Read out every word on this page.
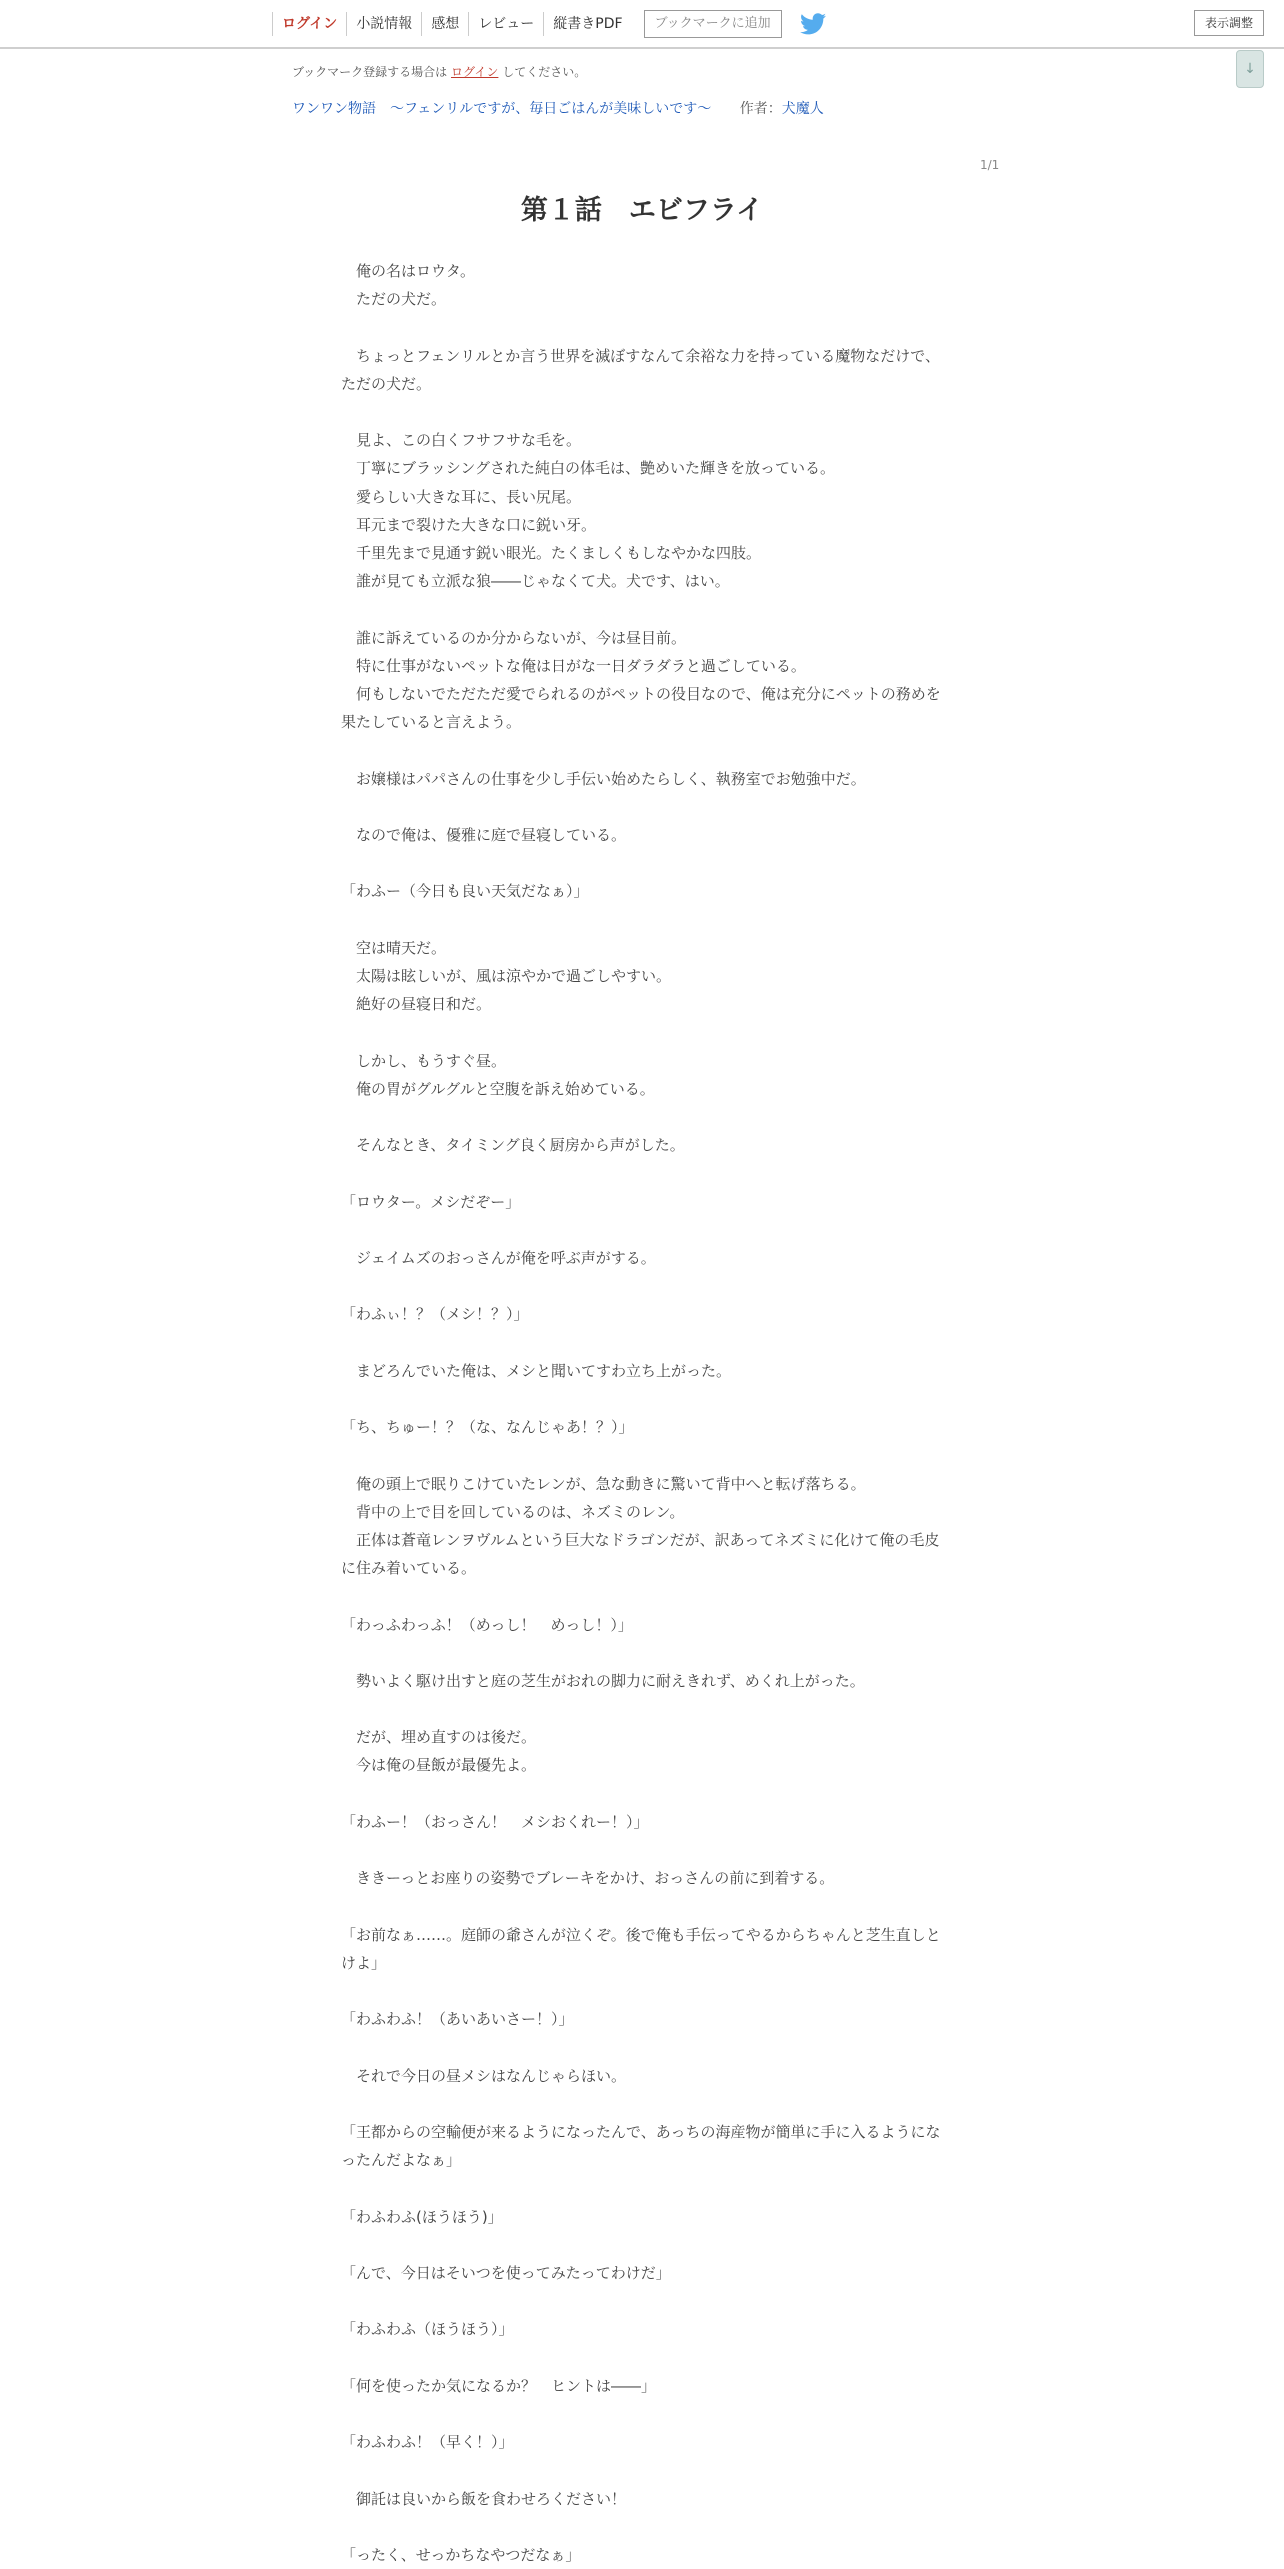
ログイン	小説情報	感想	レビュー	縦書きPDF	ブックマークに追加	表示調整
↓
ブックマーク登録する場合は ログイン してください。
ワンワン物語　～フェンリルですが、毎日ごはんが美味しいです～ 作者：犬魔人
1/1
第１話　エビフライ

　俺の名はロウタ。

　ただの犬だ。

　ちょっとフェンリルとか言う世界を滅ぼすなんて余裕な力を持っている魔物なだけで、ただの犬だ。

　見よ、この白くフサフサな毛を。

　丁寧にブラッシングされた純白の体毛は、艶めいた輝きを放っている。

　愛らしい大きな耳に、長い尻尾。

　耳元まで裂けた大きな口に鋭い牙。

　千里先まで見通す鋭い眼光。たくましくもしなやかな四肢。

　誰が見ても立派な狼――じゃなくて犬。犬です、はい。

　誰に訴えているのか分からないが、今は昼目前。

　特に仕事がないペットな俺は日がな一日ダラダラと過ごしている。

　何もしないでただただ愛でられるのがペットの役目なので、俺は充分にペットの務めを果たしていると言えよう。

　お嬢様はパパさんの仕事を少し手伝い始めたらしく、執務室でお勉強中だ。

　なので俺は、優雅に庭で昼寝している。

「わふー（今日も良い天気だなぁ）」

　空は晴天だ。

　太陽は眩しいが、風は涼やかで過ごしやすい。

　絶好の昼寝日和だ。

　しかし、もうすぐ昼。

　俺の胃がグルグルと空腹を訴え始めている。

　そんなとき、タイミング良く厨房から声がした。

「ロウター。メシだぞー」

　ジェイムズのおっさんが俺を呼ぶ声がする。

「わふぃ！？（メシ！？）」

　まどろんでいた俺は、メシと聞いてすわ立ち上がった。

「ち、ちゅー！？（な、なんじゃあ！？）」

　俺の頭上で眠りこけていたレンが、急な動きに驚いて背中へと転げ落ちる。

　背中の上で目を回しているのは、ネズミのレン。

　正体は蒼竜レンヲヴルムという巨大なドラゴンだが、訳あってネズミに化けて俺の毛皮に住み着いている。

「わっふわっふ！（めっし！　めっし！）」

　勢いよく駆け出すと庭の芝生がおれの脚力に耐えきれず、めくれ上がった。

　だが、埋め直すのは後だ。

　今は俺の昼飯が最優先よ。

「わふー！（おっさん！　メシおくれー！）」

　ききーっとお座りの姿勢でブレーキをかけ、おっさんの前に到着する。

「お前なぁ……。庭師の爺さんが泣くぞ。後で俺も手伝ってやるからちゃんと芝生直しとけよ」

「わふわふ！（あいあいさー！）」

　それで今日の昼メシはなんじゃらほい。

「王都からの空輸便が来るようになったんで、あっちの海産物が簡単に手に入るようになったんだよなぁ」

「わふわふ(ほうほう)」

「んで、今日はそいつを使ってみたってわけだ」

「わふわふ（ほうほう）」

「何を使ったか気になるか？　ヒントは――」

「わふわふ！（早く！）」

　御託は良いから飯を食わせろください！

「ったく、せっかちなやつだなぁ」
